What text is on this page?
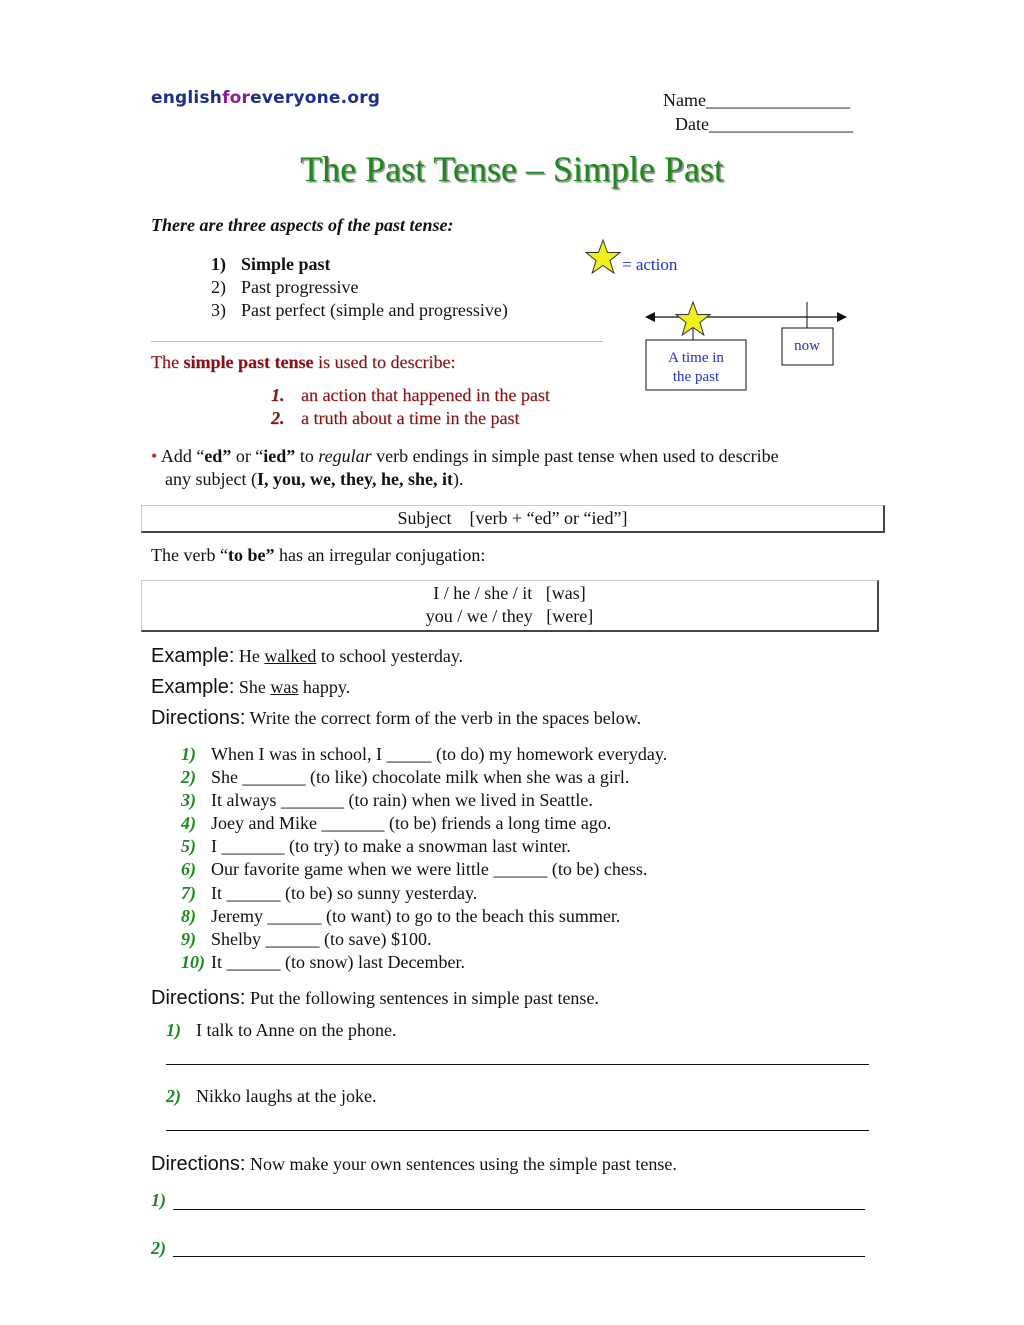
englishforeveryone.org	Name________________
Date________________
The Past Tense – Simple Past
There are three aspects of the past tense:
1) Simple past
2) Past progressive
3) Past perfect (simple and progressive)
= action
A time in
the past
now
The simple past tense is used to describe:
1. an action that happened in the past
2. a truth about a time in the past
• Add “ed” or “ied” to regular verb endings in simple past tense when used to describe
any subject (I, you, we, they, he, she, it).
Subject    [verb + “ed” or “ied”]
The verb “to be” has an irregular conjugation:
I / he / she / it   [was]
you / we / they   [were]
Example: He walked to school yesterday.
Example: She was happy.
Directions: Write the correct form of the verb in the spaces below.
1) When I was in school, I _____ (to do) my homework everyday.
2) She _______ (to like) chocolate milk when she was a girl.
3) It always _______ (to rain) when we lived in Seattle.
4) Joey and Mike _______ (to be) friends a long time ago.
5) I _______ (to try) to make a snowman last winter.
6) Our favorite game when we were little ______ (to be) chess.
7) It ______ (to be) so sunny yesterday.
8) Jeremy ______ (to want) to go to the beach this summer.
9) Shelby ______ (to save) $100.
10) It ______ (to snow) last December.
Directions: Put the following sentences in simple past tense.
1) I talk to Anne on the phone.
2) Nikko laughs at the joke.
Directions: Now make your own sentences using the simple past tense.
1)
2)
